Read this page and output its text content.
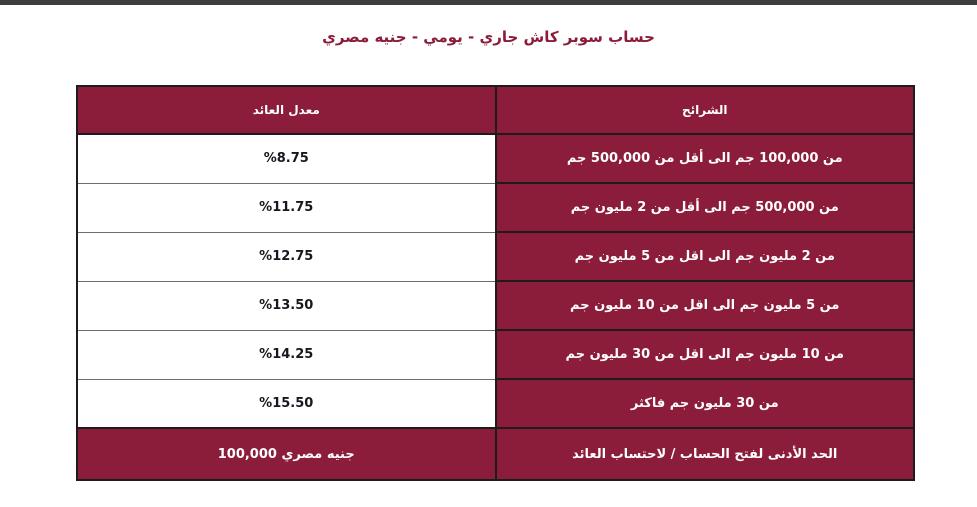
حساب سوبر كاش جاري - يومي - جنيه مصري
معدل العائد	الشرائح
%8.75	من 100,000 جم الى أقل من 500,000 جم
%11.75	من 500,000 جم الى أقل من 2 مليون جم
%12.75	من 2 مليون جم الى اقل من 5 مليون جم
%13.50	من 5 مليون جم الى اقل من 10 مليون جم
%14.25	من 10 مليون جم الى اقل من 30 مليون جم
%15.50	من 30 مليون جم فاكثر
100,000 جنيه مصري	الحد الأدنى لفتح الحساب / لاحتساب العائد
